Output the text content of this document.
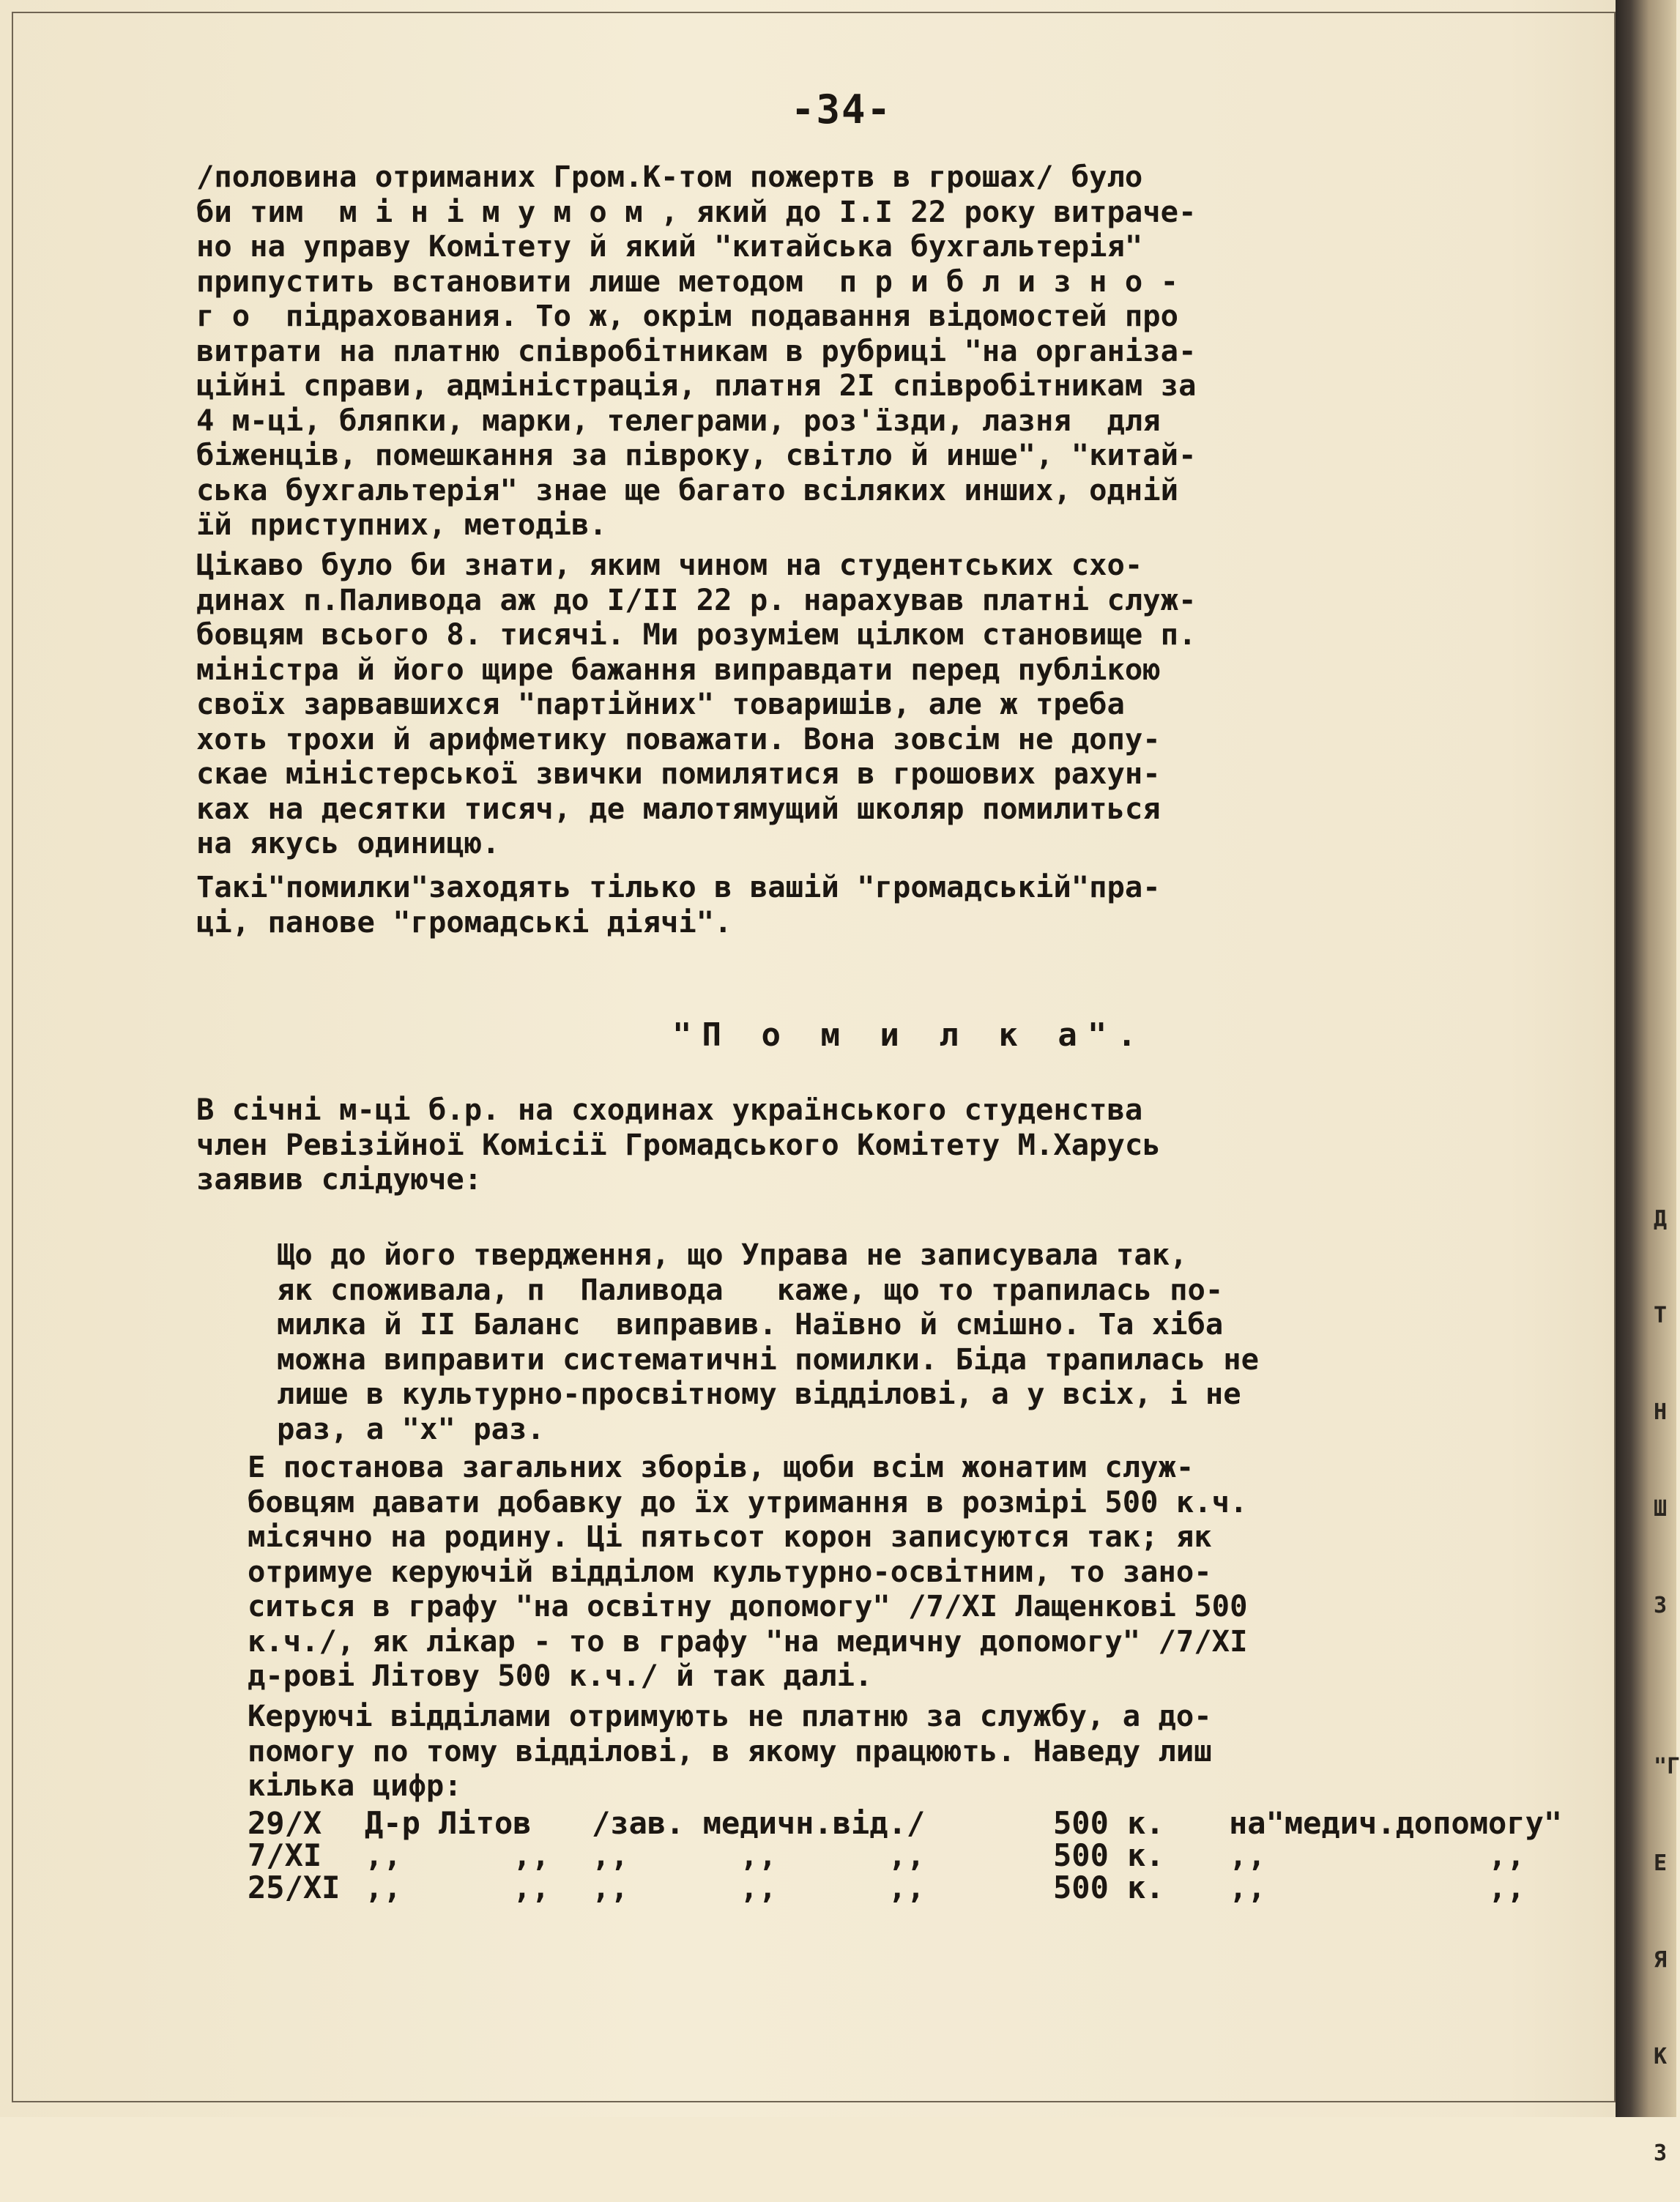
Д

Т

Н

Ш

З

"Г

Е

Я

К

З

-34-
/половина отриманих Гром.К-том пожертв в грошах/ було
би тим  м і н і м у м о м , який до І.І 22 року витраче-
но на управу Комітету й який "китайська бухгальтерія"
припустить встановити лише методом  п р и б л и з н о -
г о  підрахования. То ж, окрім подавання відомостей про
витрати на платню співробітникам в рубриці "на організа-
ційні справи, адміністрація, платня 2І співробітникам за
4 м-ці, бляпки, марки, телеграми, роз'їзди, лазня  для
біженців, помешкання за півроку, світло й инше", "китай-
ська бухгальтерія" знае ще багато всіляких инших, одній
їй приступних, методів.
Цікаво було би знати, яким чином на студентських схо-
динах п.Паливода аж до І/ІІ 22 р. нарахував платні служ-
бовцям всього 8. тисячі. Ми розуміем цілком становище п.
міністра й його щире бажання виправдати перед публікою
своїх зарвавшихся "партійних" товаришів, але ж треба
хоть трохи й арифметику поважати. Вона зовсім не допу-
скае міністерської звички помилятися в грошових рахун-
ках на десятки тисяч, де малотямущий школяр помилиться
на якусь одиницю.
Такі"помилки"заходять тілько в вашій "громадській"пра-
ці, панове "громадські діячі".
"П о м и л к а".
В січні м-ці б.р. на сходинах українського студенства
член Ревізійної Комісії Громадського Комітету М.Харусь
заявив слідуюче:
Що до його твердження, що Управа не записувала так,
як споживала, п  Паливода   каже, що то трапилась по-
милка й ІІ Баланс  виправив. Наївно й смішно. Та хіба
можна виправити систематичні помилки. Біда трапилась не
лише в культурно-просвітному відділові, а у всіх, і не
раз, а "х" раз.
Е постанова загальних зборів, щоби всім жонатим служ-
бовцям давати добавку до їх утримання в розмірі 500 к.ч.
місячно на родину. Ці пятьсот корон записуются так; як
отримуе керуючій відділом культурно-освітним, то зано-
ситься в графу "на освітну допомогу" /7/ХІ Лащенкові 500
к.ч./, як лікар - то в графу "на медичну допомогу" /7/ХІ
д-рові Літову 500 к.ч./ й так далі.
Керуючі відділами отримують не платню за службу, а до-
помогу по тому відділові, в якому працюють. Наведу лиш
кілька цифр:
29/X Д-р Літов /зав. медичн.від./	500 к. на"медич.допомогу"
7/XI ,,      ,, ,,      ,,      ,,	500 к. ,,            ,,
25/XI ,,      ,, ,,      ,,      ,,	500 к. ,,            ,,
